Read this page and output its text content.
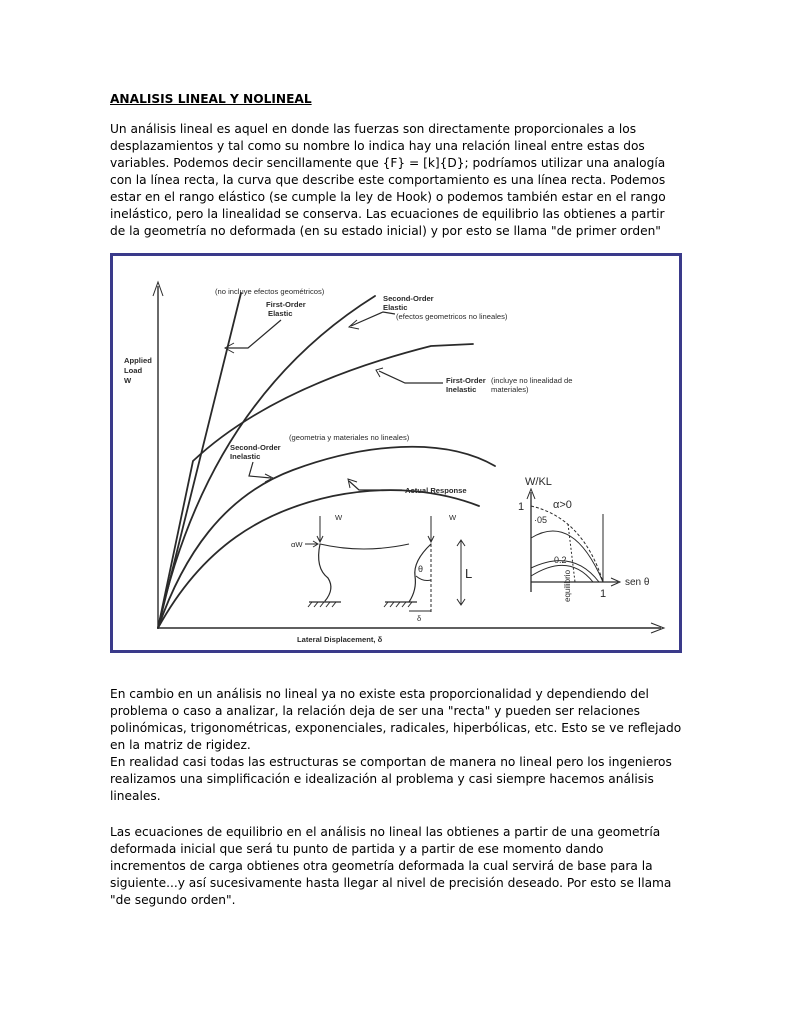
ANALISIS LINEAL Y NOLINEAL

Un análisis lineal es aquel en donde las fuerzas son directamente proporcionales a los desplazamientos y tal como su nombre lo indica hay una relación lineal entre estas dos variables. Podemos decir sencillamente que {F} = [k]{D}; podríamos utilizar una analogía con la línea recta, la curva que describe este comportamiento es una línea recta. Podemos estar en el rango elástico (se cumple la ley de Hook) o podemos también estar en el rango inelástico, pero la linealidad se conserva. Las ecuaciones de equilibrio las obtienes a partir de la geometría no deformada (en su estado inicial) y por esto se llama "de primer orden"

Applied
Load
W
Lateral Displacement, δ
(no incluye efectos geométricos)
First-Order
Elastic
Second-Order
Elastic
(efectos geometricos no lineales)
First-Order
Inelastic
(incluye no linealidad de
materiales)
(geometria y materiales no lineales)
Second-Order
Inelastic
Actual Response
αW
W	W
θ
δ
L
W/KL
α>0
1
1
·05
0.2
sen θ
equilibrio

En cambio en un análisis no lineal ya no existe esta proporcionalidad y dependiendo del problema o caso a analizar, la relación deja de ser una "recta" y pueden ser relaciones polinómicas, trigonométricas, exponenciales, radicales, hiperbólicas, etc. Esto se ve reflejado en la matriz de rigidez.

En realidad casi todas las estructuras se comportan de manera no lineal pero los ingenieros realizamos una simplificación e idealización al problema y casi siempre hacemos análisis lineales.

Las ecuaciones de equilibrio en el análisis no lineal las obtienes a partir de una geometría deformada inicial que será tu punto de partida y a partir de ese momento dando incrementos de carga obtienes otra geometría deformada la cual servirá de base para la siguiente...y así sucesivamente hasta llegar al nivel de precisión deseado. Por esto se llama "de segundo orden".
